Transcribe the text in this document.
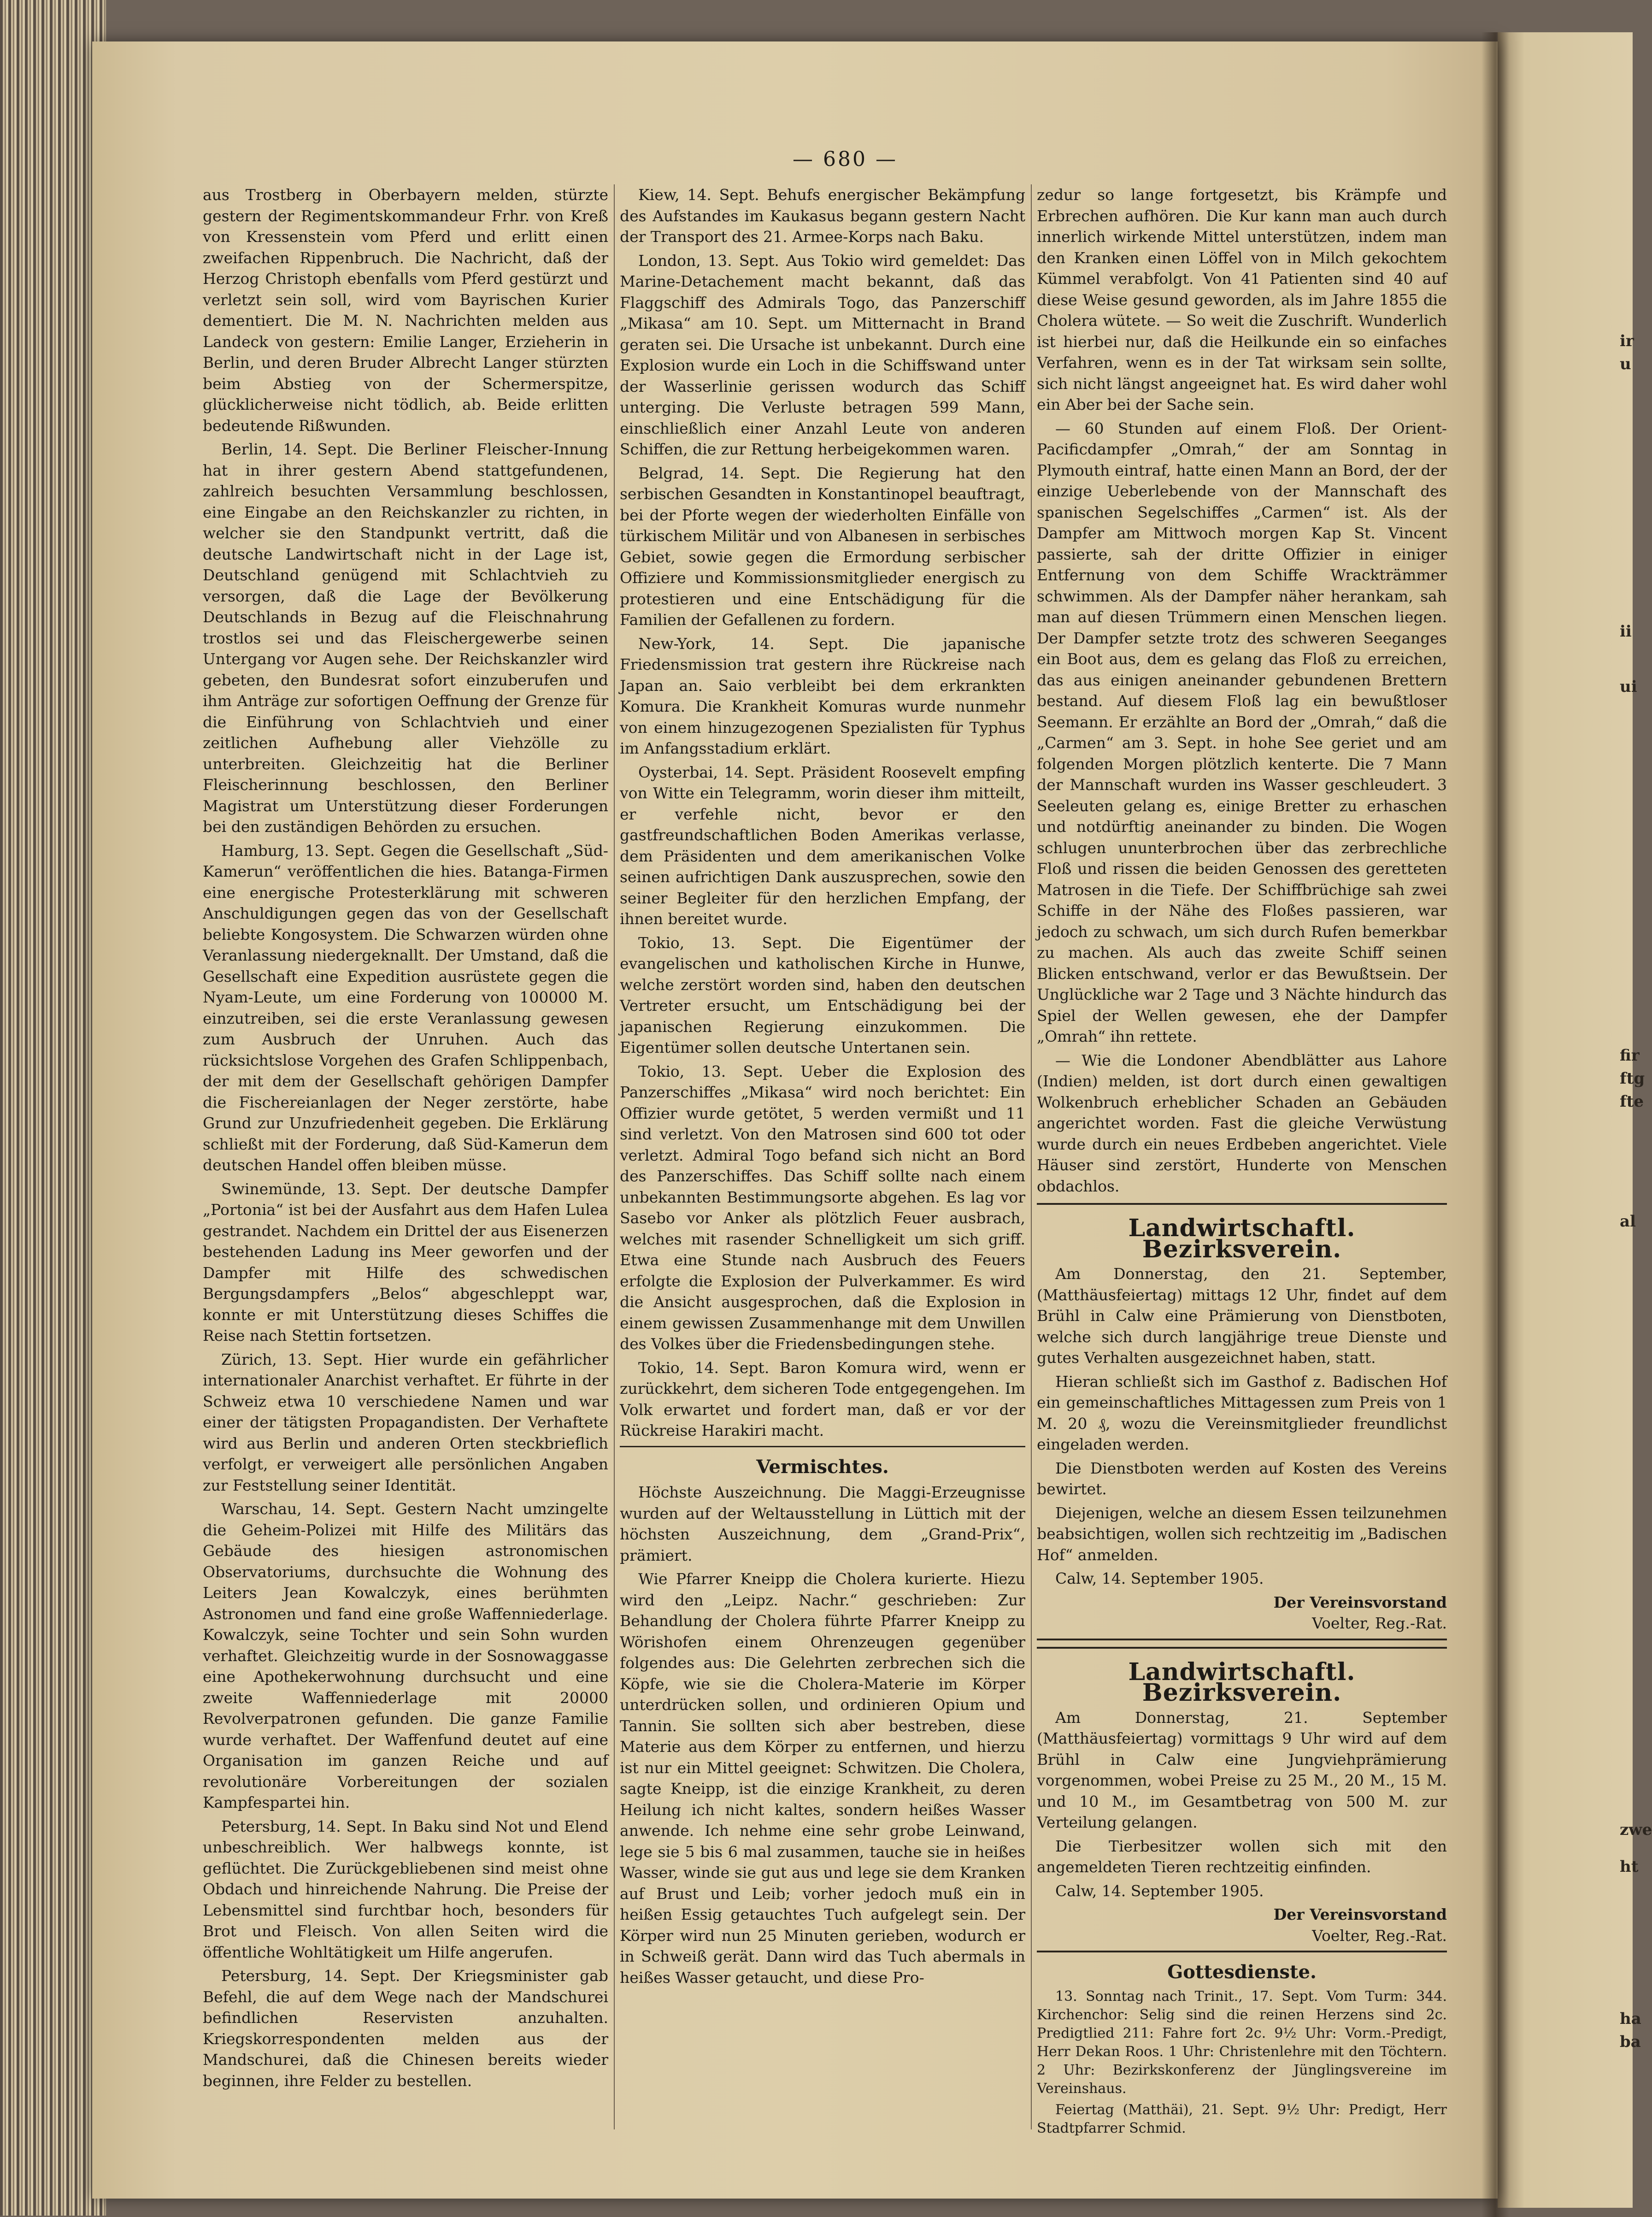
— 680 —

aus Trostberg in Oberbayern melden, stürzte gestern der Regimentskommandeur Frhr. von Kreß von Kressenstein vom Pferd und erlitt einen zweifachen Rippenbruch. Die Nachricht, daß der Herzog Christoph ebenfalls vom Pferd gestürzt und verletzt sein soll, wird vom Bayrischen Kurier dementiert. Die M. N. Nachrichten melden aus Landeck von gestern: Emilie Langer, Erzieherin in Berlin, und deren Bruder Albrecht Langer stürzten beim Abstieg von der Schermerspitze, glücklicherweise nicht tödlich, ab. Beide erlitten bedeutende Rißwunden.

Berlin, 14. Sept. Die Berliner Fleischer-Innung hat in ihrer gestern Abend stattgefundenen, zahlreich besuchten Versammlung beschlossen, eine Eingabe an den Reichskanzler zu richten, in welcher sie den Standpunkt vertritt, daß die deutsche Landwirtschaft nicht in der Lage ist, Deutschland genügend mit Schlachtvieh zu versorgen, daß die Lage der Bevölkerung Deutschlands in Bezug auf die Fleischnahrung trostlos sei und das Fleischergewerbe seinen Untergang vor Augen sehe. Der Reichskanzler wird gebeten, den Bundesrat sofort einzuberufen und ihm Anträge zur sofortigen Oeffnung der Grenze für die Einführung von Schlachtvieh und einer zeitlichen Aufhebung aller Viehzölle zu unterbreiten. Gleichzeitig hat die Berliner Fleischerinnung beschlossen, den Berliner Magistrat um Unterstützung dieser Forderungen bei den zuständigen Behörden zu ersuchen.

Hamburg, 13. Sept. Gegen die Gesellschaft „Süd-Kamerun“ veröffentlichen die hies. Batanga-Firmen eine energische Protesterklärung mit schweren Anschuldigungen gegen das von der Gesellschaft beliebte Kongosystem. Die Schwarzen würden ohne Veranlassung niedergeknallt. Der Umstand, daß die Gesellschaft eine Expedition ausrüstete gegen die Nyam-Leute, um eine Forderung von 100000 M. einzutreiben, sei die erste Veranlassung gewesen zum Ausbruch der Unruhen. Auch das rücksichtslose Vorgehen des Grafen Schlippenbach, der mit dem der Gesellschaft gehörigen Dampfer die Fischereianlagen der Neger zerstörte, habe Grund zur Unzufriedenheit gegeben. Die Erklärung schließt mit der Forderung, daß Süd-Kamerun dem deutschen Handel offen bleiben müsse.

Swinemünde, 13. Sept. Der deutsche Dampfer „Portonia“ ist bei der Ausfahrt aus dem Hafen Lulea gestrandet. Nachdem ein Drittel der aus Eisenerzen bestehenden Ladung ins Meer geworfen und der Dampfer mit Hilfe des schwedischen Bergungsdampfers „Belos“ abgeschleppt war, konnte er mit Unterstützung dieses Schiffes die Reise nach Stettin fortsetzen.

Zürich, 13. Sept. Hier wurde ein gefährlicher internationaler Anarchist verhaftet. Er führte in der Schweiz etwa 10 verschiedene Namen und war einer der tätigsten Propagandisten. Der Verhaftete wird aus Berlin und anderen Orten steckbrieflich verfolgt, er verweigert alle persönlichen Angaben zur Feststellung seiner Identität.

Warschau, 14. Sept. Gestern Nacht umzingelte die Geheim-Polizei mit Hilfe des Militärs das Gebäude des hiesigen astronomischen Observatoriums, durchsuchte die Wohnung des Leiters Jean Kowalczyk, eines berühmten Astronomen und fand eine große Waffenniederlage. Kowalczyk, seine Tochter und sein Sohn wurden verhaftet. Gleichzeitig wurde in der Sosnowaggasse eine Apothekerwohnung durchsucht und eine zweite Waffenniederlage mit 20000 Revolverpatronen gefunden. Die ganze Familie wurde verhaftet. Der Waffenfund deutet auf eine Organisation im ganzen Reiche und auf revolutionäre Vorbereitungen der sozialen Kampfespartei hin.

Petersburg, 14. Sept. In Baku sind Not und Elend unbeschreiblich. Wer halbwegs konnte, ist geflüchtet. Die Zurückgebliebenen sind meist ohne Obdach und hinreichende Nahrung. Die Preise der Lebensmittel sind furchtbar hoch, besonders für Brot und Fleisch. Von allen Seiten wird die öffentliche Wohltätigkeit um Hilfe angerufen.

Petersburg, 14. Sept. Der Kriegsminister gab Befehl, die auf dem Wege nach der Mandschurei befindlichen Reservisten anzuhalten. Kriegskorrespondenten melden aus der Mandschurei, daß die Chinesen bereits wieder beginnen, ihre Felder zu bestellen.

Kiew, 14. Sept. Behufs energischer Bekämpfung des Aufstandes im Kaukasus begann gestern Nacht der Transport des 21. Armee-Korps nach Baku.

London, 13. Sept. Aus Tokio wird gemeldet: Das Marine-Detachement macht bekannt, daß das Flaggschiff des Admirals Togo, das Panzerschiff „Mikasa“ am 10. Sept. um Mitternacht in Brand geraten sei. Die Ursache ist unbekannt. Durch eine Explosion wurde ein Loch in die Schiffswand unter der Wasserlinie gerissen wodurch das Schiff unterging. Die Verluste betragen 599 Mann, einschließlich einer Anzahl Leute von anderen Schiffen, die zur Rettung herbeigekommen waren.

Belgrad, 14. Sept. Die Regierung hat den serbischen Gesandten in Konstantinopel beauftragt, bei der Pforte wegen der wiederholten Einfälle von türkischem Militär und von Albanesen in serbisches Gebiet, sowie gegen die Ermordung serbischer Offiziere und Kommissionsmitglieder energisch zu protestieren und eine Entschädigung für die Familien der Gefallenen zu fordern.

New-York, 14. Sept. Die japanische Friedensmission trat gestern ihre Rückreise nach Japan an. Saio verbleibt bei dem erkrankten Komura. Die Krankheit Komuras wurde nunmehr von einem hinzugezogenen Spezialisten für Typhus im Anfangsstadium erklärt.

Oysterbai, 14. Sept. Präsident Roosevelt empfing von Witte ein Telegramm, worin dieser ihm mitteilt, er verfehle nicht, bevor er den gastfreundschaftlichen Boden Amerikas verlasse, dem Präsidenten und dem amerikanischen Volke seinen aufrichtigen Dank auszusprechen, sowie den seiner Begleiter für den herzlichen Empfang, der ihnen bereitet wurde.

Tokio, 13. Sept. Die Eigentümer der evangelischen und katholischen Kirche in Hunwe, welche zerstört worden sind, haben den deutschen Vertreter ersucht, um Entschädigung bei der japanischen Regierung einzukommen. Die Eigentümer sollen deutsche Untertanen sein.

Tokio, 13. Sept. Ueber die Explosion des Panzerschiffes „Mikasa“ wird noch berichtet: Ein Offizier wurde getötet, 5 werden vermißt und 11 sind verletzt. Von den Matrosen sind 600 tot oder verletzt. Admiral Togo befand sich nicht an Bord des Panzerschiffes. Das Schiff sollte nach einem unbekannten Bestimmungsorte abgehen. Es lag vor Sasebo vor Anker als plötzlich Feuer ausbrach, welches mit rasender Schnelligkeit um sich griff. Etwa eine Stunde nach Ausbruch des Feuers erfolgte die Explosion der Pulverkammer. Es wird die Ansicht ausgesprochen, daß die Explosion in einem gewissen Zusammenhange mit dem Unwillen des Volkes über die Friedensbedingungen stehe.

Tokio, 14. Sept. Baron Komura wird, wenn er zurückkehrt, dem sicheren Tode entgegengehen. Im Volk erwartet und fordert man, daß er vor der Rückreise Harakiri macht.

Vermischtes.

Höchste Auszeichnung. Die Maggi-Erzeugnisse wurden auf der Weltausstellung in Lüttich mit der höchsten Auszeichnung, dem „Grand-Prix“, prämiert.

Wie Pfarrer Kneipp die Cholera kurierte. Hiezu wird den „Leipz. Nachr.“ geschrieben: Zur Behandlung der Cholera führte Pfarrer Kneipp zu Wörishofen einem Ohrenzeugen gegenüber folgendes aus: Die Gelehrten zerbrechen sich die Köpfe, wie sie die Cholera-Materie im Körper unterdrücken sollen, und ordinieren Opium und Tannin. Sie sollten sich aber bestreben, diese Materie aus dem Körper zu entfernen, und hierzu ist nur ein Mittel geeignet: Schwitzen. Die Cholera, sagte Kneipp, ist die einzige Krankheit, zu deren Heilung ich nicht kaltes, sondern heißes Wasser anwende. Ich nehme eine sehr grobe Leinwand, lege sie 5 bis 6 mal zusammen, tauche sie in heißes Wasser, winde sie gut aus und lege sie dem Kranken auf Brust und Leib; vorher jedoch muß ein in heißen Essig getauchtes Tuch aufgelegt sein. Der Körper wird nun 25 Minuten gerieben, wodurch er in Schweiß gerät. Dann wird das Tuch abermals in heißes Wasser getaucht, und diese Pro-

zedur so lange fortgesetzt, bis Krämpfe und Erbrechen aufhören. Die Kur kann man auch durch innerlich wirkende Mittel unterstützen, indem man den Kranken einen Löffel von in Milch gekochtem Kümmel verabfolgt. Von 41 Patienten sind 40 auf diese Weise gesund geworden, als im Jahre 1855 die Cholera wütete. — So weit die Zuschrift. Wunderlich ist hierbei nur, daß die Heilkunde ein so einfaches Verfahren, wenn es in der Tat wirksam sein sollte, sich nicht längst angeeignet hat. Es wird daher wohl ein Aber bei der Sache sein.

— 60 Stunden auf einem Floß. Der Orient-Pacificdampfer „Omrah,“ der am Sonntag in Plymouth eintraf, hatte einen Mann an Bord, der der einzige Ueberlebende von der Mannschaft des spanischen Segelschiffes „Carmen“ ist. Als der Dampfer am Mittwoch morgen Kap St. Vincent passierte, sah der dritte Offizier in einiger Entfernung von dem Schiffe Wrackträmmer schwimmen. Als der Dampfer näher herankam, sah man auf diesen Trümmern einen Menschen liegen. Der Dampfer setzte trotz des schweren Seeganges ein Boot aus, dem es gelang das Floß zu erreichen, das aus einigen aneinander gebundenen Brettern bestand. Auf diesem Floß lag ein bewußtloser Seemann. Er erzählte an Bord der „Omrah,“ daß die „Carmen“ am 3. Sept. in hohe See geriet und am folgenden Morgen plötzlich kenterte. Die 7 Mann der Mannschaft wurden ins Wasser geschleudert. 3 Seeleuten gelang es, einige Bretter zu erhaschen und notdürftig aneinander zu binden. Die Wogen schlugen ununterbrochen über das zerbrechliche Floß und rissen die beiden Genossen des geretteten Matrosen in die Tiefe. Der Schiffbrüchige sah zwei Schiffe in der Nähe des Floßes passieren, war jedoch zu schwach, um sich durch Rufen bemerkbar zu machen. Als auch das zweite Schiff seinen Blicken entschwand, verlor er das Bewußtsein. Der Unglückliche war 2 Tage und 3 Nächte hindurch das Spiel der Wellen gewesen, ehe der Dampfer „Omrah“ ihn rettete.

— Wie die Londoner Abendblätter aus Lahore (Indien) melden, ist dort durch einen gewaltigen Wolkenbruch erheblicher Schaden an Gebäuden angerichtet worden. Fast die gleiche Verwüstung wurde durch ein neues Erdbeben angerichtet. Viele Häuser sind zerstört, Hunderte von Menschen obdachlos.

Landwirtschaftl. Bezirksverein.

Am Donnerstag, den 21. September, (Matthäusfeiertag) mittags 12 Uhr, findet auf dem Brühl in Calw eine Prämierung von Dienstboten, welche sich durch langjährige treue Dienste und gutes Verhalten ausgezeichnet haben, statt.

Hieran schließt sich im Gasthof z. Badischen Hof ein gemeinschaftliches Mittagessen zum Preis von 1 M. 20 ₰, wozu die Vereinsmitglieder freundlichst eingeladen werden.

Die Dienstboten werden auf Kosten des Vereins bewirtet.

Diejenigen, welche an diesem Essen teilzunehmen beabsichtigen, wollen sich rechtzeitig im „Badischen Hof“ anmelden.

Calw, 14. September 1905.

Der Vereinsvorstand
Voelter, Reg.-Rat.
Landwirtschaftl. Bezirksverein.

Am Donnerstag, 21. September (Matthäusfeiertag) vormittags 9 Uhr wird auf dem Brühl in Calw eine Jungviehprämierung vorgenommen, wobei Preise zu 25 M., 20 M., 15 M. und 10 M., im Gesamtbetrag von 500 M. zur Verteilung gelangen.

Die Tierbesitzer wollen sich mit den angemeldeten Tieren rechtzeitig einfinden.

Calw, 14. September 1905.

Der Vereinsvorstand
Voelter, Reg.-Rat.
Gottesdienste.

13. Sonntag nach Trinit., 17. Sept. Vom Turm: 344. Kirchenchor: Selig sind die reinen Herzens sind 2c. Predigtlied 211: Fahre fort 2c. 9½ Uhr: Vorm.-Predigt, Herr Dekan Roos. 1 Uhr: Christenlehre mit den Töchtern. 2 Uhr: Bezirkskonferenz der Jünglingsvereine im Vereinshaus.

Feiertag (Matthäi), 21. Sept. 9½ Uhr: Predigt, Herr Stadtpfarrer Schmid.

ir
u
ii
ui
fir
ftg
fte
al
zwe
ht
ha
ba
